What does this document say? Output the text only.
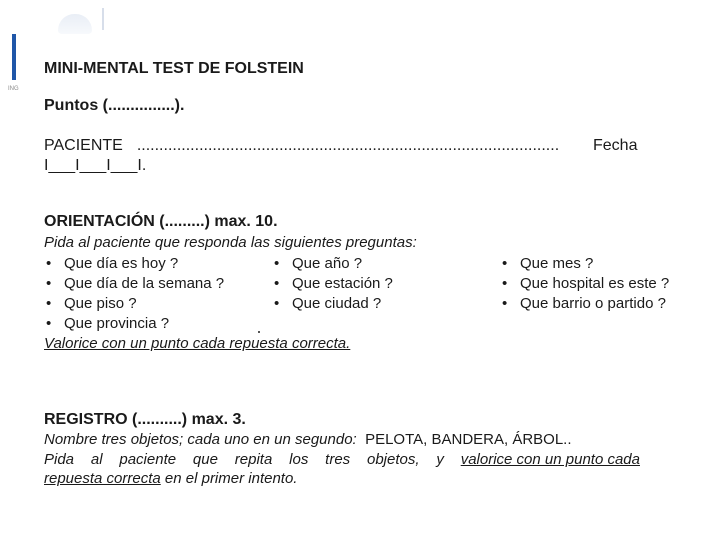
ING
MINI-MENTAL TEST DE FOLSTEIN
Puntos (...............).
PACIENTE ............................................................................................... Fecha
I___I___I___I.
ORIENTACIÓN (.........) max. 10.
Pida al paciente que responda las siguientes preguntas:
• Que día es hoy ?	• Que año ?	• Que mes ?
• Que día de la semana ?	• Que estación ?	• Que hospital es este ?
• Que piso ?	• Que ciudad ?	• Que barrio o partido ?
• Que provincia ?
Valorice con un punto cada repuesta correcta.
REGISTRO (..........) max. 3.
Nombre tres objetos; cada uno en un segundo: PELOTA, BANDERA, ÁRBOL..
Pida al paciente que repita los tres objetos, y valorice con un punto cada
repuesta correcta en el primer intento.
